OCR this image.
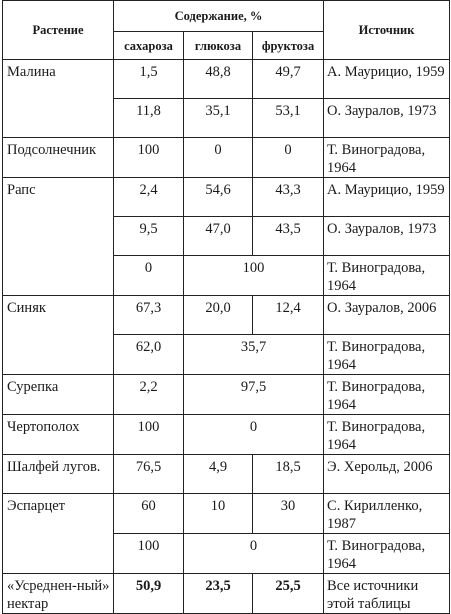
Растение	Содержание, %			Источник
	сахароза	глюкоза	фруктоза	
Малина	1,5	48,8	49,7	А. Маурицио, 1959
	11,8	35,1	53,1	О. Зауралов, 1973
Подсолнечник	100	0	0	Т. Виноградова, 1964
Рапс	2,4	54,6	43,3	А. Маурицио, 1959
	9,5	47,0	43,5	О. Зауралов, 1973
	0	100		Т. Виноградова, 1964
Синяк	67,3	20,0	12,4	О. Зауралов, 2006
	62,0	35,7		Т. Виноградова, 1964
Сурепка	2,2	97,5		Т. Виноградова, 1964
Чертополох	100	0		Т. Виноградова, 1964
Шалфей лугов.	76,5	4,9	18,5	Э. Херольд, 2006
Эспарцет	60	10	30	С. Кирилленко, 1987
	100	0		Т. Виноградова, 1964
«Усреднен-ный» нектар	50,9	23,5	25,5	Все источники этой таблицы
